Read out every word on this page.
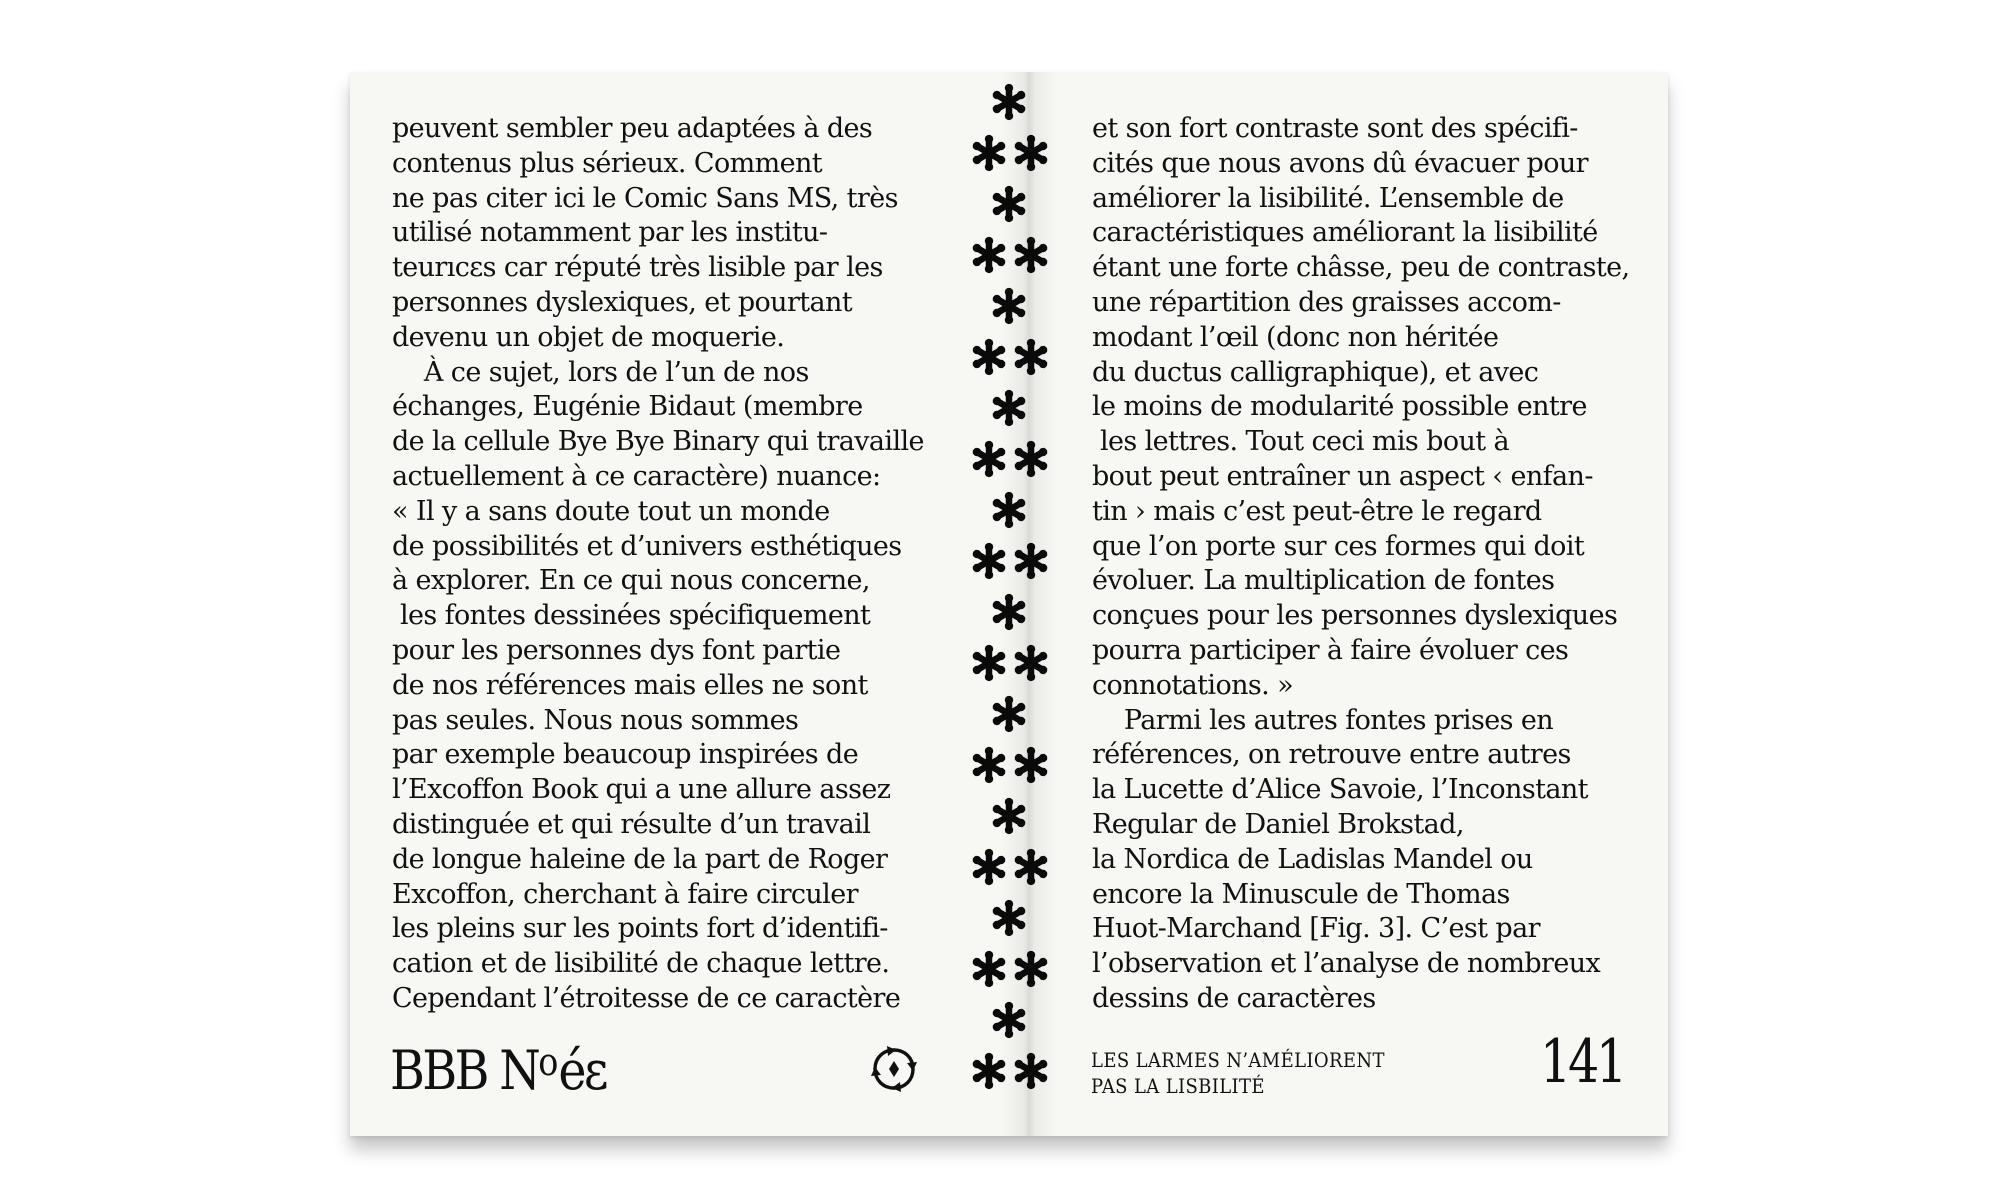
peuvent sembler peu adaptées à des
contenus plus sérieux. Comment
ne pas citer ici le Comic Sans MS, très
utilisé notamment par les institu-
teurıcεs car réputé très lisible par les
personnes dyslexiques, et pourtant
devenu un objet de moquerie.
À ce sujet, lors de l’un de nos
échanges, Eugénie Bidaut (membre
de la cellule Bye Bye Binary qui travaille
actuellement à ce caractère) nuance:
« Il y a sans doute tout un monde
de possibilités et d’univers esthétiques
à explorer. En ce qui nous concerne,
les fontes dessinées spécifiquement
pour les personnes dys font partie
de nos références mais elles ne sont
pas seules. Nous nous sommes
par exemple beaucoup inspirées de
l’Excoffon Book qui a une allure assez
distinguée et qui résulte d’un travail
de longue haleine de la part de Roger
Excoffon, cherchant à faire circuler
les pleins sur les points fort d’identifi-
cation et de lisibilité de chaque lettre.
Cependant l’étroitesse de ce caractère
et son fort contraste sont des spécifi-
cités que nous avons dû évacuer pour
améliorer la lisibilité. L’ensemble de
caractéristiques améliorant la lisibilité
étant une forte châsse, peu de contraste,
une répartition des graisses accom-
modant l’œil (donc non héritée
du ductus calligraphique), et avec
le moins de modularité possible entre
les lettres. Tout ceci mis bout à
bout peut entraîner un aspect ‹ enfan-
tin › mais c’est peut-être le regard
que l’on porte sur ces formes qui doit
évoluer. La multiplication de fontes
conçues pour les personnes dyslexiques
pourra participer à faire évoluer ces
connotations. »
Parmi les autres fontes prises en
références, on retrouve entre autres
la Lucette d’Alice Savoie, l’Inconstant
Regular de Daniel Brokstad,
la Nordica de Ladislas Mandel ou
encore la Minuscule de Thomas
Huot-Marchand [Fig. 3]. C’est par
l’observation et l’analyse de nombreux
dessins de caractères
BBB $N^oé\varepsilon$	LES LARMES N’AMÉLIORENT
PAS LA LISBILITÉ	141
